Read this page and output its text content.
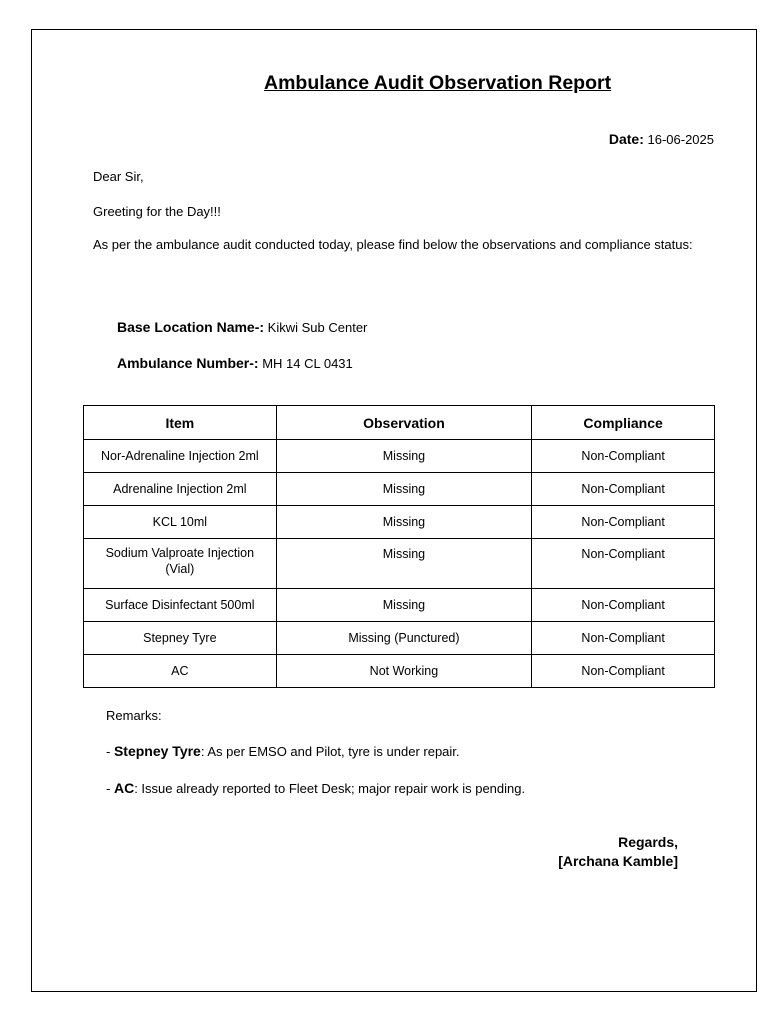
Ambulance Audit Observation Report
Date: 16-06-2025
Dear Sir,
Greeting for the Day!!!

As per the ambulance audit conducted today, please find below the observations and compliance status:

Base Location Name-: Kikwi Sub Center
Ambulance Number-: MH 14 CL 0431
Item	Observation	Compliance
Nor-Adrenaline Injection 2ml	Missing	Non-Compliant
Adrenaline Injection 2ml	Missing	Non-Compliant
KCL 10ml	Missing	Non-Compliant
Sodium Valproate Injection (Vial)	Missing	Non-Compliant
Surface Disinfectant 500ml	Missing	Non-Compliant
Stepney Tyre	Missing (Punctured)	Non-Compliant
AC	Not Working	Non-Compliant
Remarks:
- Stepney Tyre: As per EMSO and Pilot, tyre is under repair.
- AC: Issue already reported to Fleet Desk; major repair work is pending.
Regards,
[Archana Kamble]
